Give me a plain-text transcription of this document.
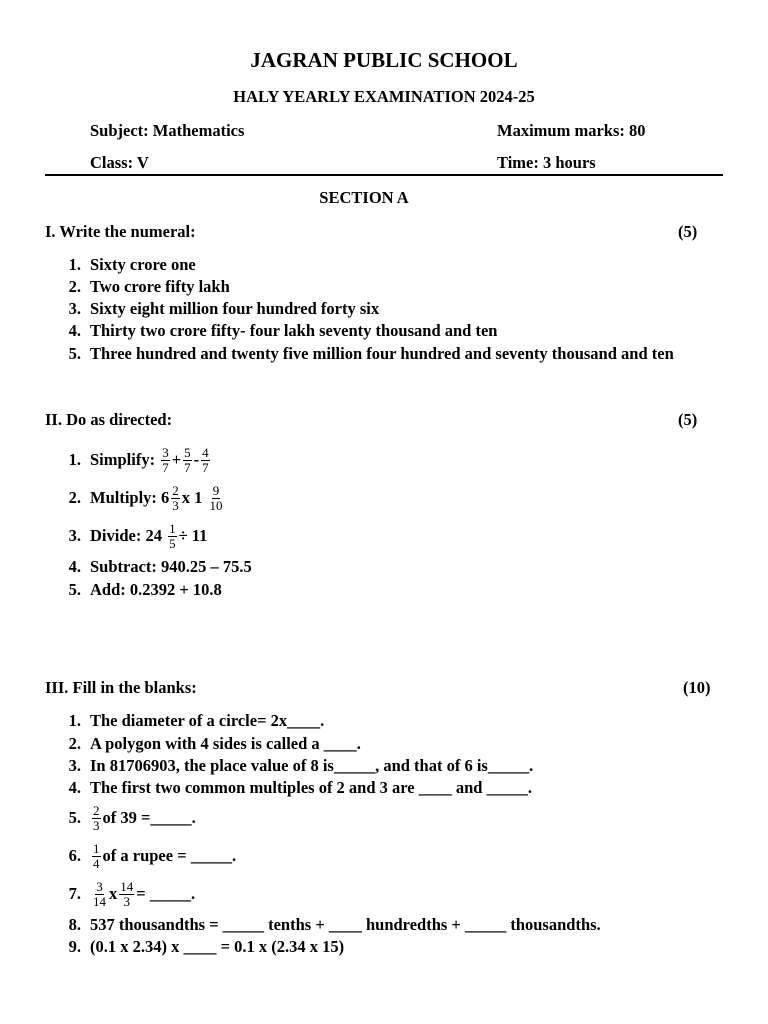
JAGRAN PUBLIC SCHOOL
HALY YEARLY EXAMINATION 2024-25
Subject: Mathematics	Maximum marks: 80
Class: V	Time: 3 hours
SECTION A
I. Write the numeral:	(5)
1. Sixty crore one
2. Two crore fifty lakh
3. Sixty eight million four hundred forty six
4. Thirty two crore fifty- four lakh seventy thousand and ten
5. Three hundred and twenty five million four hundred and seventy thousand and ten
II. Do as directed:	(5)
1. Simplify:
$\frac{3}{7} + \frac{5}{7} - \frac{4}{7}$
2. Multiply: $6 \frac{2}{3}$ x 1
$\frac{9}{10}$
3. Divide: 24
$\frac{1}{5} \div 11$
4. Subtract: 940.25 – 75.5
5. Add: 0.2392 + 10.8
III. Fill in the blanks:	(10)
1. The diameter of a circle= 2x____.
2. A polygon with 4 sides is called a ____.
3. In 81706903, the place value of 8 is_____, and that of 6 is_____.
4. The first two common multiples of 2 and 3 are ____ and _____.
5. $\frac{2}{3}$ of 39 =_____.
6. $\frac{1}{4}$ of a rupee = _____.
7. $\frac{3}{14}$ x $\frac{14}{3}$ = _____.
8. 537 thousandths = _____ tenths + ____ hundredths + _____ thousandths.
9. (0.1 x 2.34) x ____ = 0.1 x (2.34 x 15)
